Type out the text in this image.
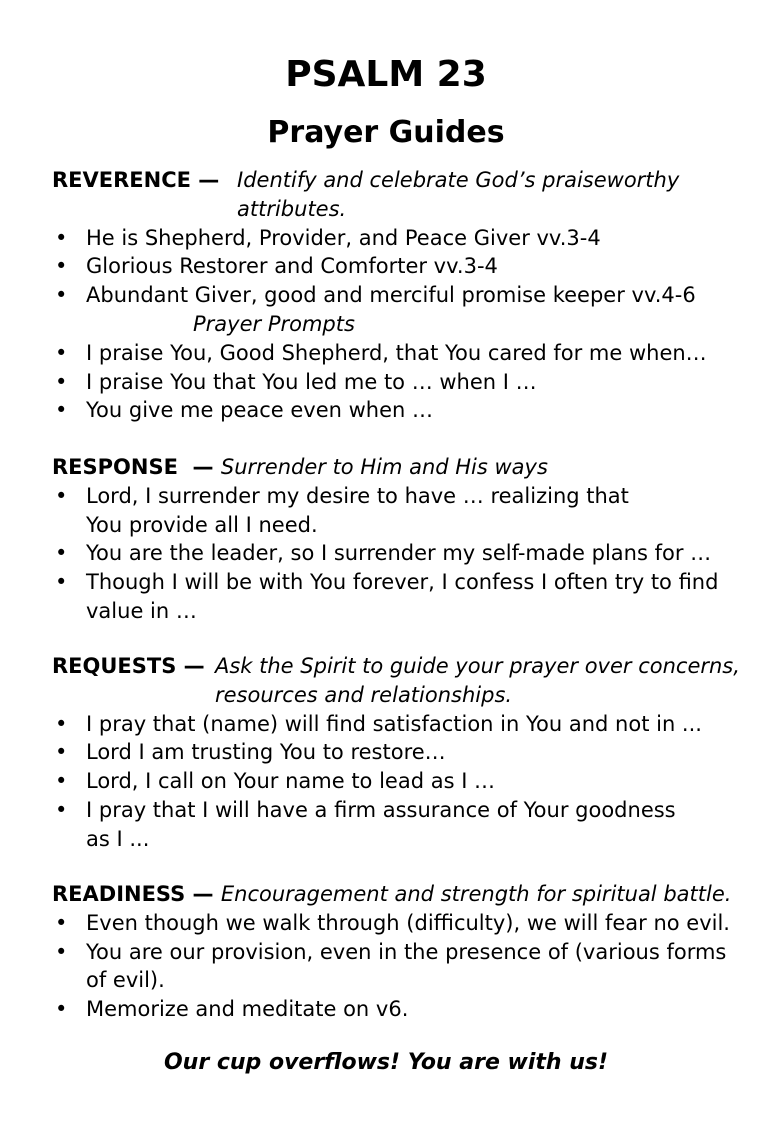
PSALM 23
Prayer Guides
REVERENCE — Identify and celebrate God’s praiseworthy attributes.
• He is Shepherd, Provider, and Peace Giver vv.3-4
• Glorious Restorer and Comforter vv.3-4
• Abundant Giver, good and merciful promise keeper vv.4-6
Prayer Prompts
• I praise You, Good Shepherd, that You cared for me when…
• I praise You that You led me to … when I …
• You give me peace even when …
RESPONSE  — Surrender to Him and His ways
• Lord, I surrender my desire to have … realizing that You provide all I need.
• You are the leader, so I surrender my self-made plans for …
• Though I will be with You forever, I confess I often try to find value in …
REQUESTS — Ask the Spirit to guide your prayer over concerns, resources and relationships.
• I pray that (name) will find satisfaction in You and not in ...
• Lord I am trusting You to restore…
• Lord, I call on Your name to lead as I …
• I pray that I will have a firm assurance of Your goodness as I ...
READINESS — Encouragement and strength for spiritual battle.
• Even though we walk through (difficulty), we will fear no evil.
• You are our provision, even in the presence of (various forms of evil).
• Memorize and meditate on v6.
Our cup overflows! You are with us!
